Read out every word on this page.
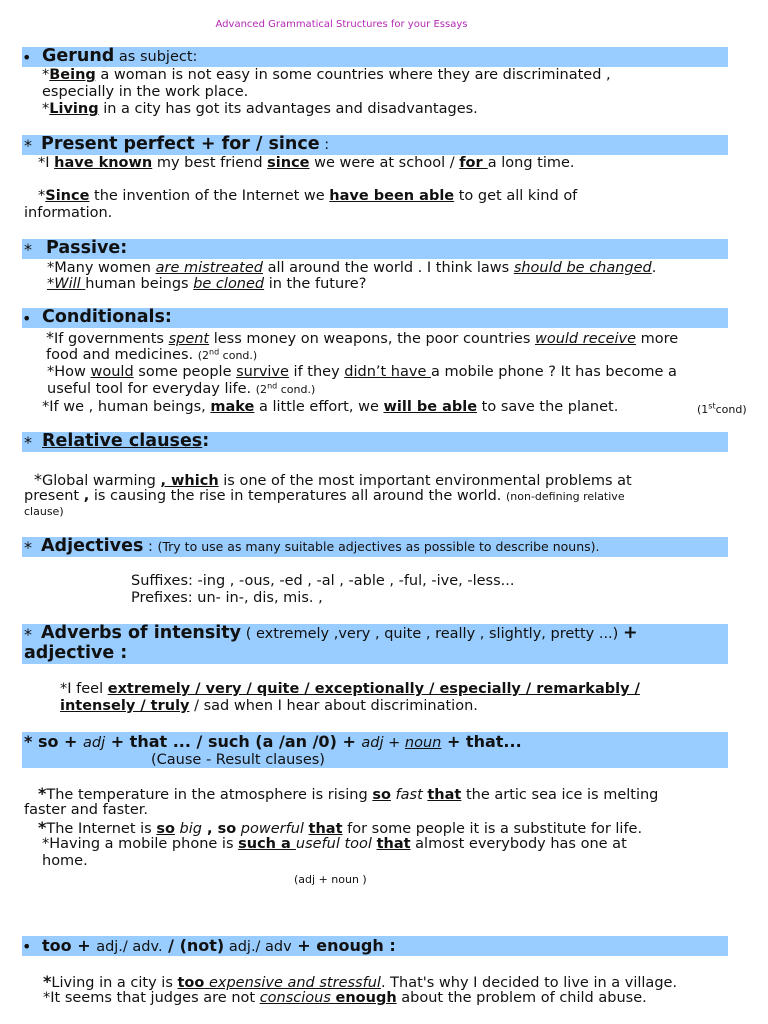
Advanced Grammatical Structures for your Essays
• Gerund as subject:
*Being a woman is not easy in some countries where they are discriminated ,
especially in the work place.
*Living in a city has got its advantages and disadvantages.
* Present perfect + for / since :
*I have known my best friend since we were at school / for a long time.
*Since the invention of the Internet we have been able to get all kind of
information.
* Passive:
*Many women are mistreated all around the world . I think laws should be changed.
*Will human beings be cloned in the future?
• Conditionals:
*If governments spent less money on weapons, the poor countries would receive more
food and medicines. (2nd cond.)
*How would some people survive if they didn’t have a mobile phone ? It has become a
useful tool for everyday life. (2nd cond.)
*If we , human beings, make a little effort, we will be able to save the planet.	(1stcond)
* Relative clauses:
*Global warming , which is one of the most important environmental problems at
present , is causing the rise in temperatures all around the world. (non-defining relative
clause)
* Adjectives : (Try to use as many suitable adjectives as possible to describe nouns).
Suffixes: -ing , -ous, -ed , -al , -able , -ful, -ive, -less...
Prefixes: un- in-, dis, mis. ,
* Adverbs of intensity ( extremely ,very , quite , really , slightly, pretty ...) +
adjective :
*I feel extremely / very / quite / exceptionally / especially / remarkably /
intensely / truly / sad when I hear about discrimination.
* so + adj + that ... / such (a /an /0) + adj + noun + that...
(Cause - Result clauses)
*The temperature in the atmosphere is rising so fast that the artic sea ice is melting
faster and faster.
*The Internet is so big , so powerful that for some people it is a substitute for life.
*Having a mobile phone is such a useful tool that almost everybody has one at
home.
(adj + noun )
• too + adj./ adv. / (not) adj./ adv + enough :
*Living in a city is too expensive and stressful. That's why I decided to live in a village.
*It seems that judges are not conscious enough about the problem of child abuse.
